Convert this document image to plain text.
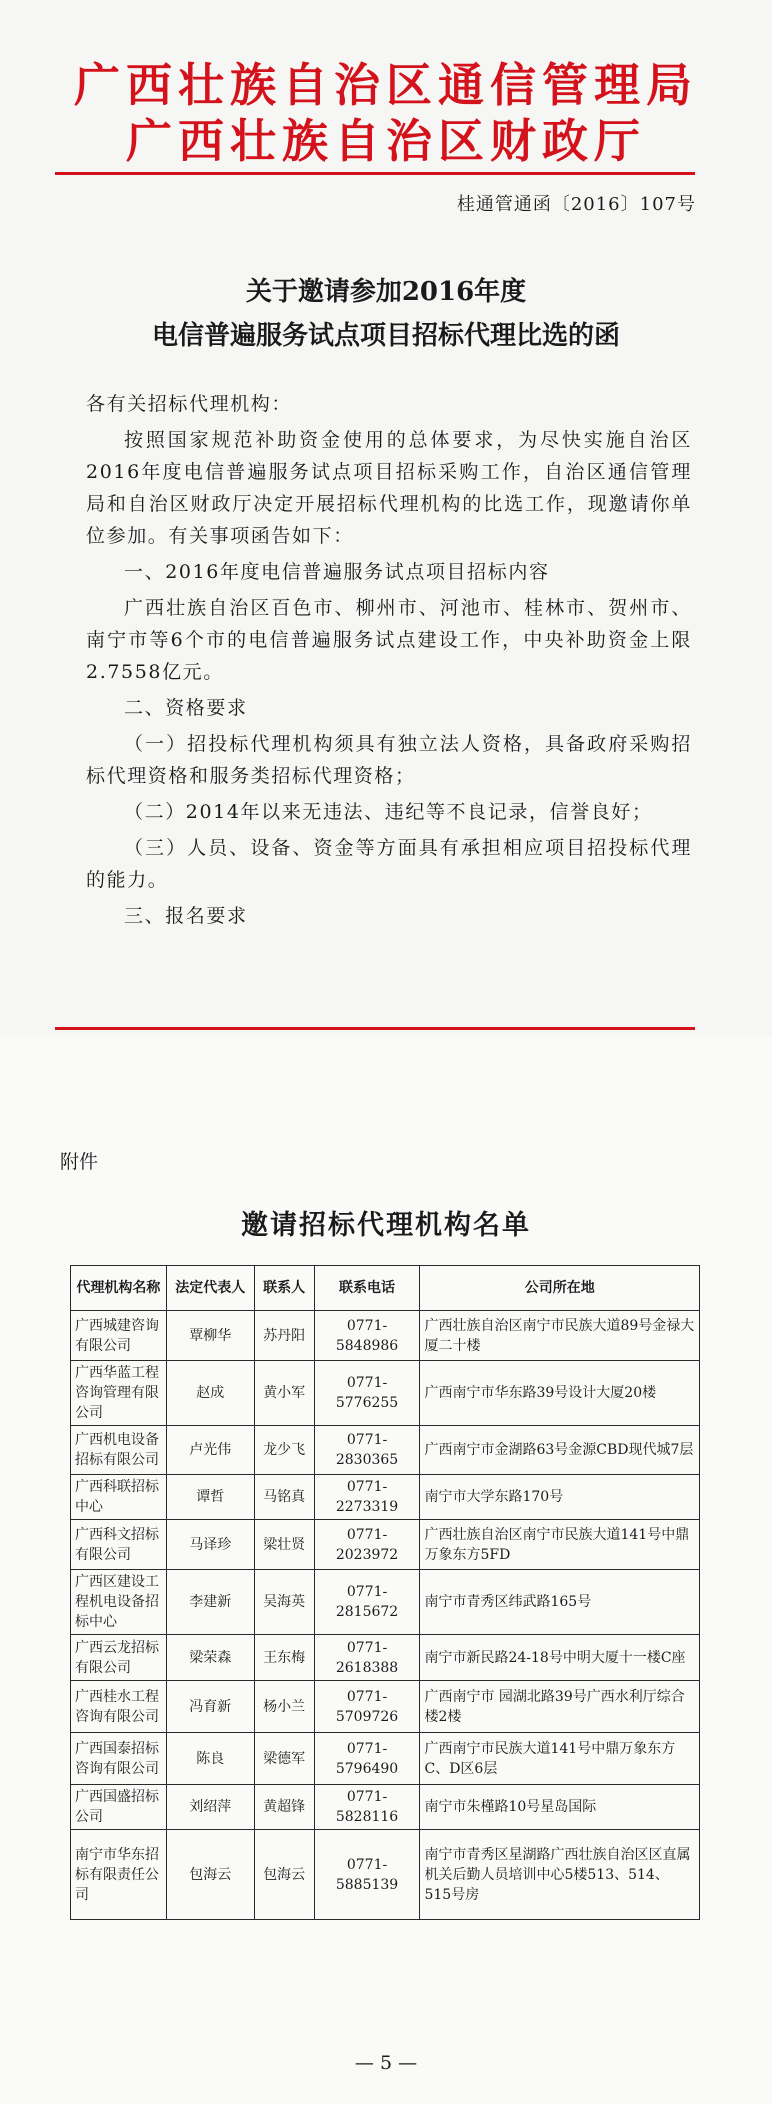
广西壮族自治区通信管理局
广西壮族自治区财政厅
桂通管通函〔2016〕107号
关于邀请参加2016年度
电信普遍服务试点项目招标代理比选的函

各有关招标代理机构：

按照国家规范补助资金使用的总体要求，为尽快实施自治区2016年度电信普遍服务试点项目招标采购工作，自治区通信管理局和自治区财政厅决定开展招标代理机构的比选工作，现邀请你单位参加。有关事项函告如下：

一、2016年度电信普遍服务试点项目招标内容

广西壮族自治区百色市、柳州市、河池市、桂林市、贺州市、南宁市等6个市的电信普遍服务试点建设工作，中央补助资金上限2.7558亿元。

二、资格要求

（一）招投标代理机构须具有独立法人资格，具备政府采购招标代理资格和服务类招标代理资格；

（二）2014年以来无违法、违纪等不良记录，信誉良好；

（三）人员、设备、资金等方面具有承担相应项目招投标代理的能力。

三、报名要求

附件
邀请招标代理机构名单
代理机构名称	法定代表人	联系人	联系电话	公司所在地
广西城建咨询有限公司	覃柳华	苏丹阳	0771-5848986	广西壮族自治区南宁市民族大道89号金禄大厦二十楼
广西华蓝工程咨询管理有限公司	赵成	黄小军	0771-5776255	广西南宁市华东路39号设计大厦20楼
广西机电设备招标有限公司	卢光伟	龙少飞	0771-2830365	广西南宁市金湖路63号金源CBD现代城7层
广西科联招标中心	谭哲	马铭真	0771-2273319	南宁市大学东路170号
广西科文招标有限公司	马译珍	梁壮贤	0771-2023972	广西壮族自治区南宁市民族大道141号中鼎万象东方5FD
广西区建设工程机电设备招标中心	李建新	吴海英	0771-2815672	南宁市青秀区纬武路165号
广西云龙招标有限公司	梁荣森	王东梅	0771-2618388	南宁市新民路24-18号中明大厦十一楼C座
广西桂水工程咨询有限公司	冯育新	杨小兰	0771-5709726	广西南宁市 园湖北路39号广西水利厅综合楼2楼
广西国泰招标咨询有限公司	陈良	梁德军	0771-5796490	广西南宁市民族大道141号中鼎万象东方C、D区6层
广西国盛招标公司	刘绍萍	黄超锋	0771-5828116	南宁市朱槿路10号星岛国际
南宁市华东招标有限责任公司	包海云	包海云	0771-5885139	南宁市青秀区星湖路广西壮族自治区区直属机关后勤人员培训中心5楼513、514、515号房
— 5 —
